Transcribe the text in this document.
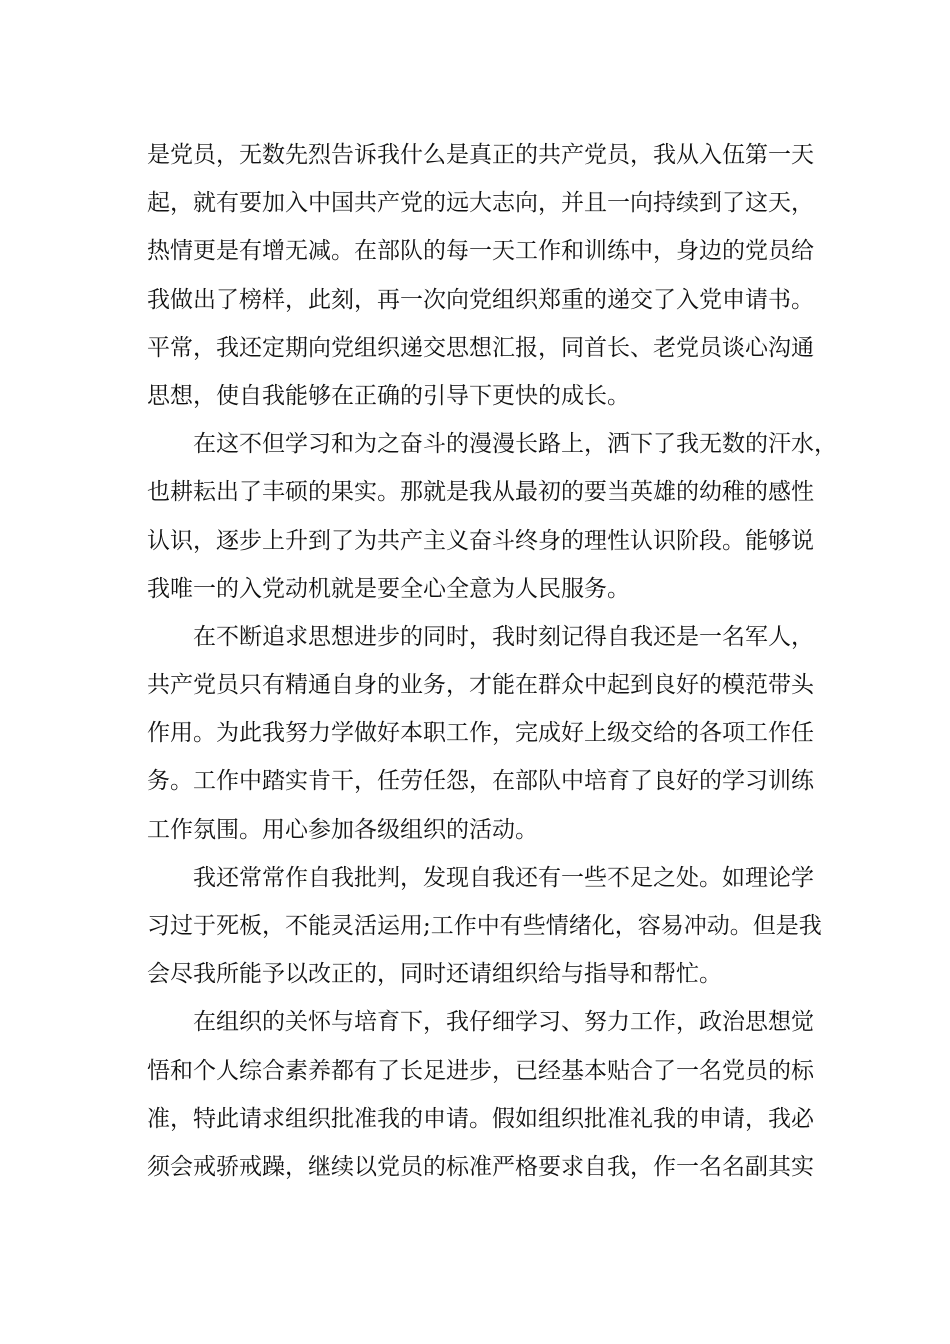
是党员，无数先烈告诉我什么是真正的共产党员，我从入伍第一天
起，就有要加入中国共产党的远大志向，并且一向持续到了这天，
热情更是有增无减。在部队的每一天工作和训练中，身边的党员给
我做出了榜样，此刻，再一次向党组织郑重的递交了入党申请书。
平常，我还定期向党组织递交思想汇报，同首长、老党员谈心沟通
思想，使自我能够在正确的引导下更快的成长。
在这不但学习和为之奋斗的漫漫长路上，洒下了我无数的汗水，
也耕耘出了丰硕的果实。那就是我从最初的要当英雄的幼稚的感性
认识，逐步上升到了为共产主义奋斗终身的理性认识阶段。能够说
我唯一的入党动机就是要全心全意为人民服务。
在不断追求思想进步的同时，我时刻记得自我还是一名军人，
共产党员只有精通自身的业务，才能在群众中起到良好的模范带头
作用。为此我努力学做好本职工作，完成好上级交给的各项工作任
务。工作中踏实肯干，任劳任怨，在部队中培育了良好的学习训练
工作氛围。用心参加各级组织的活动。
我还常常作自我批判，发现自我还有一些不足之处。如理论学
习过于死板，不能灵活运用;工作中有些情绪化，容易冲动。但是我
会尽我所能予以改正的，同时还请组织给与指导和帮忙。
在组织的关怀与培育下，我仔细学习、努力工作，政治思想觉
悟和个人综合素养都有了长足进步，已经基本贴合了一名党员的标
准，特此请求组织批准我的申请。假如组织批准礼我的申请，我必
须会戒骄戒躁，继续以党员的标准严格要求自我，作一名名副其实
